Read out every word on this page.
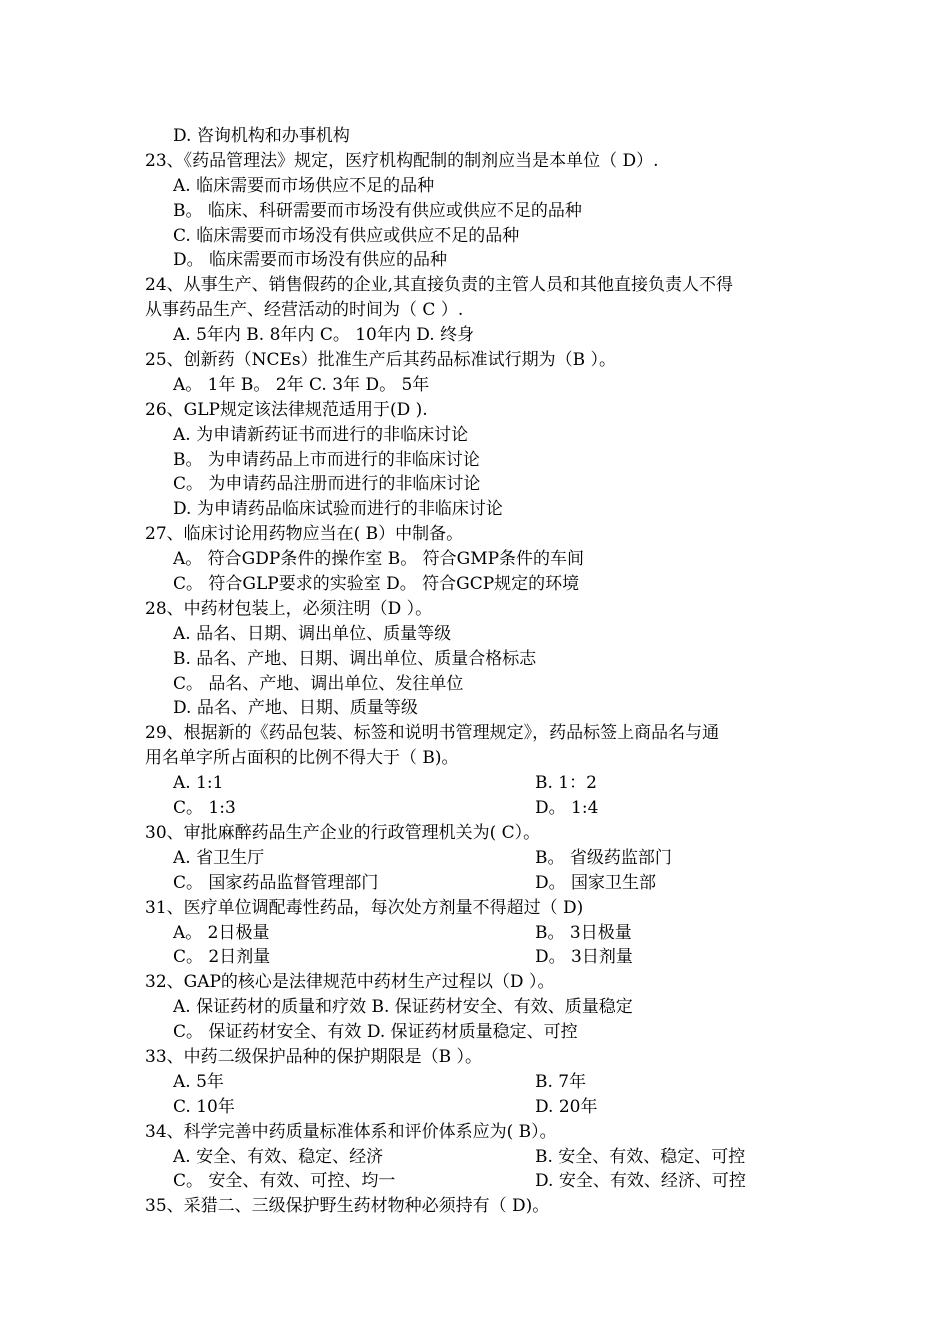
D. 咨询机构和办事机构
23、《药品管理法》规定，医疗机构配制的制剂应当是本单位（ D）.
A. 临床需要而市场供应不足的品种
B。 临床、科研需要而市场没有供应或供应不足的品种
C. 临床需要而市场没有供应或供应不足的品种
D。 临床需要而市场没有供应的品种
24、从事生产、销售假药的企业,其直接负责的主管人员和其他直接负责人不得
从事药品生产、经营活动的时间为（ C ）.
A. 5年内 B. 8年内 C。 10年内 D. 终身
25、创新药（NCEs）批准生产后其药品标准试行期为（B ）。
A。 1年 B。 2年 C. 3年 D。 5年
26、GLP规定该法律规范适用于(D ).
A. 为申请新药证书而进行的非临床讨论
B。 为申请药品上市而进行的非临床讨论
C。 为申请药品注册而进行的非临床讨论
D. 为申请药品临床试验而进行的非临床讨论
27、临床讨论用药物应当在( B）中制备。
A。 符合GDP条件的操作室 B。 符合GMP条件的车间
C。 符合GLP要求的实验室 D。 符合GCP规定的环境
28、中药材包装上，必须注明（D ）。
A. 品名、日期、调出单位、质量等级
B. 品名、产地、日期、调出单位、质量合格标志
C。 品名、产地、调出单位、发往单位
D. 品名、产地、日期、质量等级
29、根据新的《药品包装、标签和说明书管理规定》，药品标签上商品名与通
用名单字所占面积的比例不得大于（ B)。
A. 1:1	B. 1：2
C。 1:3	D。 1:4
30、审批麻醉药品生产企业的行政管理机关为( C）。
A. 省卫生厅	B。 省级药监部门
C。 国家药品监督管理部门	D。 国家卫生部
31、医疗单位调配毒性药品，每次处方剂量不得超过（ D)
A。 2日极量	B。 3日极量
C。 2日剂量	D。 3日剂量
32、GAP的核心是法律规范中药材生产过程以（D ）。
A. 保证药材的质量和疗效 B. 保证药材安全、有效、质量稳定
C。 保证药材安全、有效 D. 保证药材质量稳定、可控
33、中药二级保护品种的保护期限是（B ）。
A. 5年	B. 7年
C. 10年	D. 20年
34、科学完善中药质量标准体系和评价体系应为( B）。
A. 安全、有效、稳定、经济	B. 安全、有效、稳定、可控
C。 安全、有效、可控、均一	D. 安全、有效、经济、可控
35、采猎二、三级保护野生药材物种必须持有（ D)。
